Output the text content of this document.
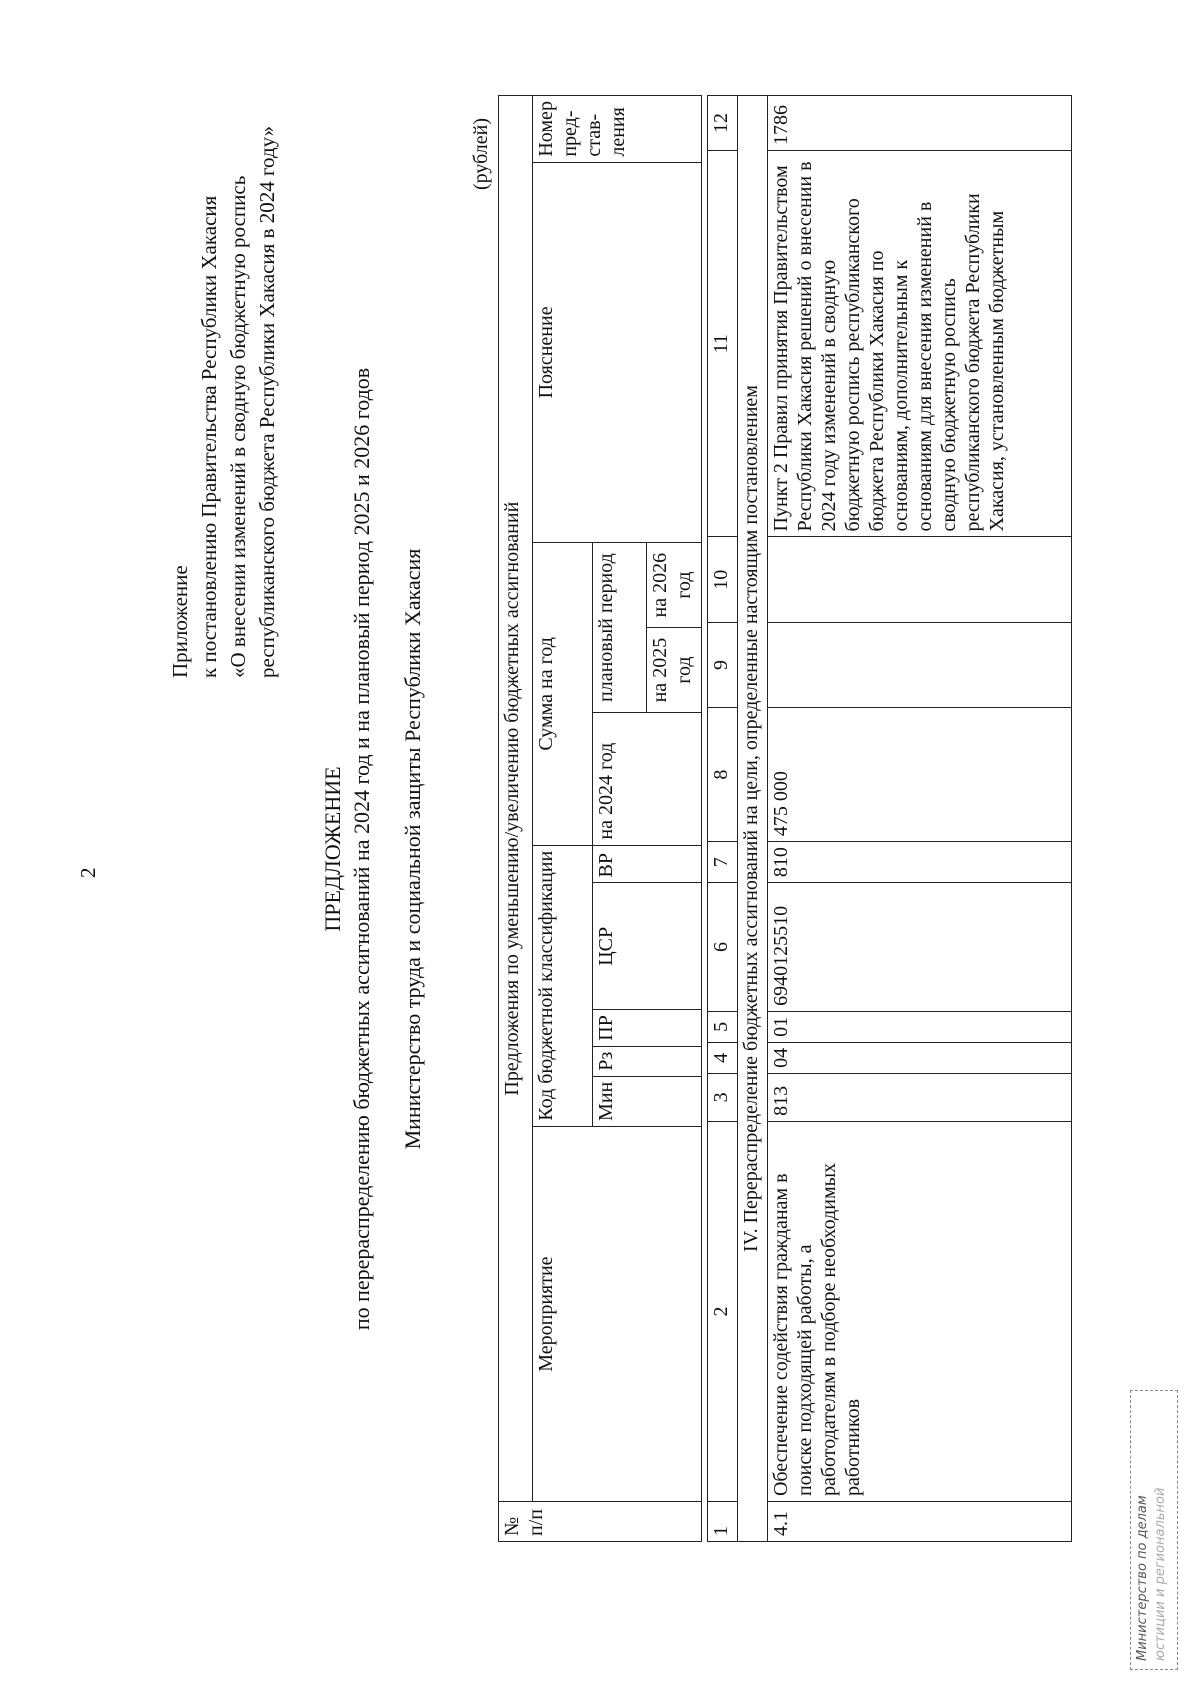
2
Приложение к постановлению Правительства Республики Хакасия «О внесении изменений в сводную бюджетную роспись республиканского бюджета Республики Хакасия в 2024 году»
ПРЕДЛОЖЕНИЕ по перераспределению бюджетных ассигнований на 2024 год и на плановый период 2025 и 2026 годов Министерство труда и социальной защиты Республики Хакасия
(рублей)
№ п/п	Предложения по уменьшению/увеличению бюджетных ассигнований										
	Мероприятие	Код бюджетной классификации					Сумма на год			Пояснение	Номер пред-став-ления
		Мин	Рз	ПР	ЦСР	ВР	на 2024 год	плановый период			
								на 2025 год	на 2026 год		
1	2	3	4	5	6	7	8	9	10	11	12
IV. Перераспределение бюджетных ассигнований на цели, определенные настоящим постановлением											
4.1	Обеспечение содействия гражданам в поиске подходящей работы, а работодателям в подборе необходимых работников	813	04	01	6940125510	810	475 000			Пункт 2 Правил принятия Правительством Республики Хакасия решений о внесении в 2024 году изменений в сводную бюджетную роспись республиканского бюджета Республики Хакасия по основаниям, дополнительным к основаниям для внесения изменений в сводную бюджетную роспись республиканского бюджета Республики Хакасия, установленным бюджетным	1786
Министерство по делам юстиции и региональной
